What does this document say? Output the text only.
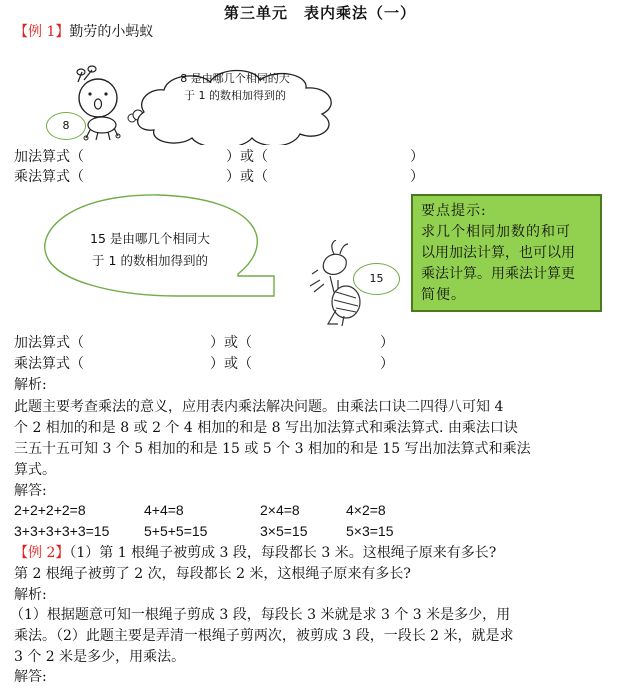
第三单元　表内乘法（一）
【例 1】勤劳的小蚂蚁
8 是由哪几个相同的大
于 1 的数相加得到的
8
加法算式（	）或（	）
乘法算式（	）或（	）
15 是由哪几个相同大
于 1 的数相加得到的
15
要点提示:
求几个相同加数的和可
以用加法计算，也可以用
乘法计算。用乘法计算更
简便。
加法算式（	）或（	）
乘法算式（	）或（	）
解析:
此题主要考查乘法的意义，应用表内乘法解决问题。由乘法口诀二四得八可知 4
个 2 相加的和是 8 或 2 个 4 相加的和是 8 写出加法算式和乘法算式. 由乘法口诀
三五十五可知 3 个 5 相加的和是 15 或 5 个 3 相加的和是 15 写出加法算式和乘法
算式。
解答:
2+2+2+2=8	4+4=8	2×4=8	4×2=8
3+3+3+3+3=15 5+5+5=15	3×5=15	5×3=15
【例 2】（1）第 1 根绳子被剪成 3 段，每段都长 3 米。这根绳子原来有多长?
第 2 根绳子被剪了 2 次，每段都长 2 米，这根绳子原来有多长?
解析:
（1）根据题意可知一根绳子剪成 3 段，每段长 3 米就是求 3 个 3 米是多少，用
乘法。（2）此题主要是弄清一根绳子剪两次，被剪成 3 段，一段长 2 米，就是求
3 个 2 米是多少，用乘法。
解答:
